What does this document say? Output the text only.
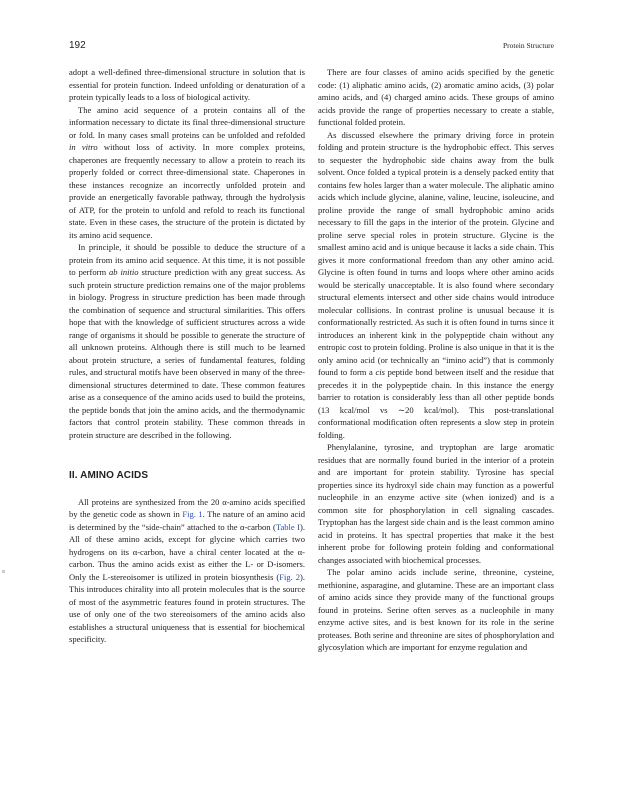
192	Protein Structure

adopt a well-defined three-dimensional structure in solution that is essential for protein function. Indeed unfolding or denaturation of a protein typically leads to a loss of biological activity.

The amino acid sequence of a protein contains all of the information necessary to dictate its final three-dimensional structure or fold. In many cases small proteins can be unfolded and refolded in vitro without loss of activity. In more complex proteins, chaperones are frequently necessary to allow a protein to reach its properly folded or correct three-dimensional state. Chaperones in these instances recognize an incorrectly unfolded protein and provide an energetically favorable pathway, through the hydrolysis of ATP, for the protein to unfold and refold to reach its functional state. Even in these cases, the structure of the protein is dictated by its amino acid sequence.

In principle, it should be possible to deduce the structure of a protein from its amino acid sequence. At this time, it is not possible to perform ab initio structure prediction with any great success. As such protein structure prediction remains one of the major problems in biology. Progress in structure prediction has been made through the combination of sequence and structural similarities. This offers hope that with the knowledge of sufficient structures across a wide range of organisms it should be possible to generate the structure of all unknown proteins. Although there is still much to be learned about protein structure, a series of fundamental features, folding rules, and structural motifs have been observed in many of the three-dimensional structures determined to date. These common features arise as a consequence of the amino acids used to build the proteins, the peptide bonds that join the amino acids, and the thermodynamic factors that control protein stability. These common threads in protein structure are described in the following.

II. AMINO ACIDS

All proteins are synthesized from the 20 α-amino acids specified by the genetic code as shown in Fig. 1. The nature of an amino acid is determined by the “side-chain” attached to the α-carbon (Table I). All of these amino acids, except for glycine which carries two hydrogens on its α-carbon, have a chiral center located at the α-carbon. Thus the amino acids exist as either the L- or D-isomers. Only the L-stereoisomer is utilized in protein biosynthesis (Fig. 2). This introduces chirality into all protein molecules that is the source of most of the asymmetric features found in protein structures. The use of only one of the two stereoisomers of the amino acids also establishes a structural uniqueness that is essential for biochemical specificity.

There are four classes of amino acids specified by the genetic code: (1) aliphatic amino acids, (2) aromatic amino acids, (3) polar amino acids, and (4) charged amino acids. These groups of amino acids provide the range of properties necessary to create a stable, functional folded protein.

As discussed elsewhere the primary driving force in protein folding and protein structure is the hydrophobic effect. This serves to sequester the hydrophobic side chains away from the bulk solvent. Once folded a typical protein is a densely packed entity that contains few holes larger than a water molecule. The aliphatic amino acids which include glycine, alanine, valine, leucine, isoleucine, and proline provide the range of small hydrophobic amino acids necessary to fill the gaps in the interior of the protein. Glycine and proline serve special roles in protein structure. Glycine is the smallest amino acid and is unique because it lacks a side chain. This gives it more conformational freedom than any other amino acid. Glycine is often found in turns and loops where other amino acids would be sterically unacceptable. It is also found where secondary structural elements intersect and other side chains would introduce molecular collisions. In contrast proline is unusual because it is conformationally restricted. As such it is often found in turns since it introduces an inherent kink in the polypeptide chain without any entropic cost to protein folding. Proline is also unique in that it is the only amino acid (or technically an “imino acid”) that is commonly found to form a cis peptide bond between itself and the residue that precedes it in the polypeptide chain. In this instance the energy barrier to rotation is considerably less than all other peptide bonds (13 kcal/mol vs ∼20 kcal/mol). This post-translational conformational modification often represents a slow step in protein folding.

Phenylalanine, tyrosine, and tryptophan are large aromatic residues that are normally found buried in the interior of a protein and are important for protein stability. Tyrosine has special properties since its hydroxyl side chain may function as a powerful nucleophile in an enzyme active site (when ionized) and is a common site for phosphorylation in cell signaling cascades. Tryptophan has the largest side chain and is the least common amino acid in proteins. It has spectral properties that make it the best inherent probe for following protein folding and conformational changes associated with biochemical processes.

The polar amino acids include serine, threonine, cysteine, methionine, asparagine, and glutamine. These are an important class of amino acids since they provide many of the functional groups found in proteins. Serine often serves as a nucleophile in many enzyme active sites, and is best known for its role in the serine proteases. Both serine and threonine are sites of phosphorylation and glycosylation which are important for enzyme regulation and
